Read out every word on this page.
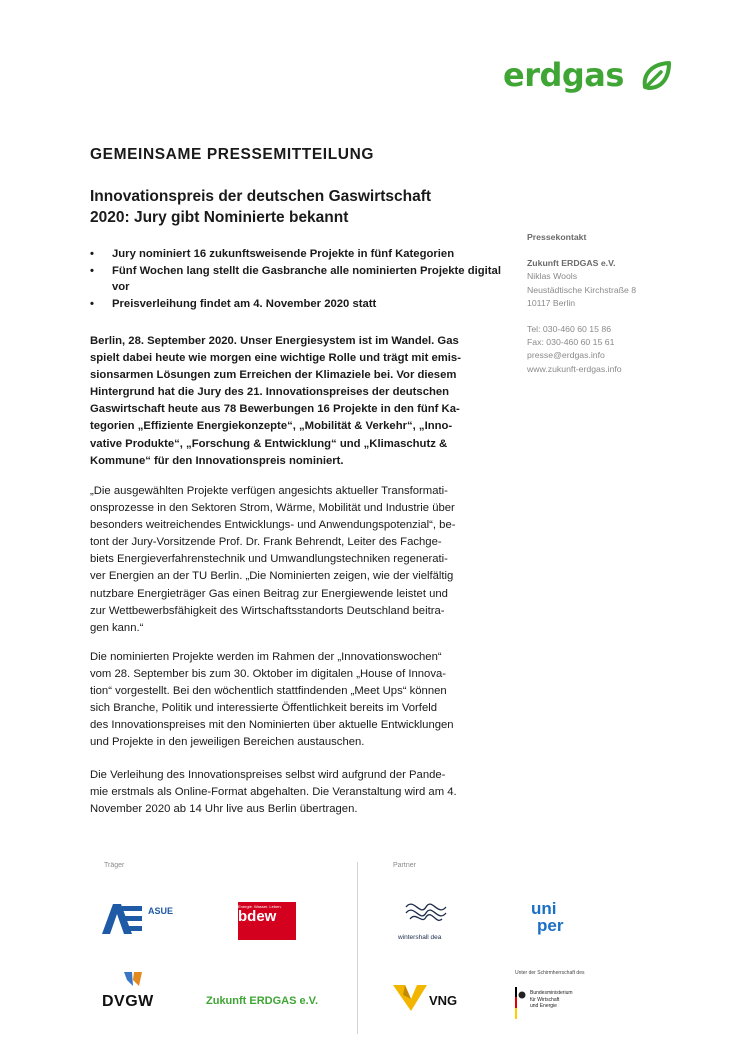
erdgas
GEMEINSAME PRESSEMITTEILUNG
Innovationspreis der deutschen Gaswirtschaft
2020: Jury gibt Nominierte bekannt
• Jury nominiert 16 zukunftsweisende Projekte in fünf Kategorien
• Fünf Wochen lang stellt die Gasbranche alle nominierten Projekte digital vor
• Preisverleihung findet am 4. November 2020 statt
Berlin, 28. September 2020. Unser Energiesystem ist im Wandel. Gas
spielt dabei heute wie morgen eine wichtige Rolle und trägt mit emis-
sionsarmen Lösungen zum Erreichen der Klimaziele bei. Vor diesem
Hintergrund hat die Jury des 21. Innovationspreises der deutschen
Gaswirtschaft heute aus 78 Bewerbungen 16 Projekte in den fünf Ka-
tegorien „Effiziente Energiekonzepte“, „Mobilität & Verkehr“, „Inno-
vative Produkte“, „Forschung & Entwicklung“ und „Klimaschutz &
Kommune“ für den Innovationspreis nominiert.
„Die ausgewählten Projekte verfügen angesichts aktueller Transformati-
onsprozesse in den Sektoren Strom, Wärme, Mobilität und Industrie über
besonders weitreichendes Entwicklungs- und Anwendungspotenzial“, be-
tont der Jury-Vorsitzende Prof. Dr. Frank Behrendt, Leiter des Fachge-
biets Energieverfahrenstechnik und Umwandlungstechniken regenerati-
ver Energien an der TU Berlin. „Die Nominierten zeigen, wie der vielfältig
nutzbare Energieträger Gas einen Beitrag zur Energiewende leistet und
zur Wettbewerbsfähigkeit des Wirtschaftsstandorts Deutschland beitra-
gen kann.“
Die nominierten Projekte werden im Rahmen der „Innovationswochen“
vom 28. September bis zum 30. Oktober im digitalen „House of Innova-
tion“ vorgestellt. Bei den wöchentlich stattfindenden „Meet Ups“ können
sich Branche, Politik und interessierte Öffentlichkeit bereits im Vorfeld
des Innovationspreises mit den Nominierten über aktuelle Entwicklungen
und Projekte in den jeweiligen Bereichen austauschen.
Die Verleihung des Innovationspreises selbst wird aufgrund der Pande-
mie erstmals als Online-Format abgehalten. Die Veranstaltung wird am 4.
November 2020 ab 14 Uhr live aus Berlin übertragen.
Pressekontakt
Zukunft ERDGAS e.V.
Niklas Wools
Neustädtische Kirchstraße 8
10117 Berlin
Tel: 030-460 60 15 86
Fax: 030-460 60 15 61
presse@erdgas.info
www.zukunft-erdgas.info
Träger	Partner
ASUE	bdew
Energie. Wasser. Leben.
DVGW	Zukunft ERDGAS e.V.
wintershall dea
uni
per
VNG
Unter der Schirmherrschaft des
Bundesministerium
für Wirtschaft
und Energie
